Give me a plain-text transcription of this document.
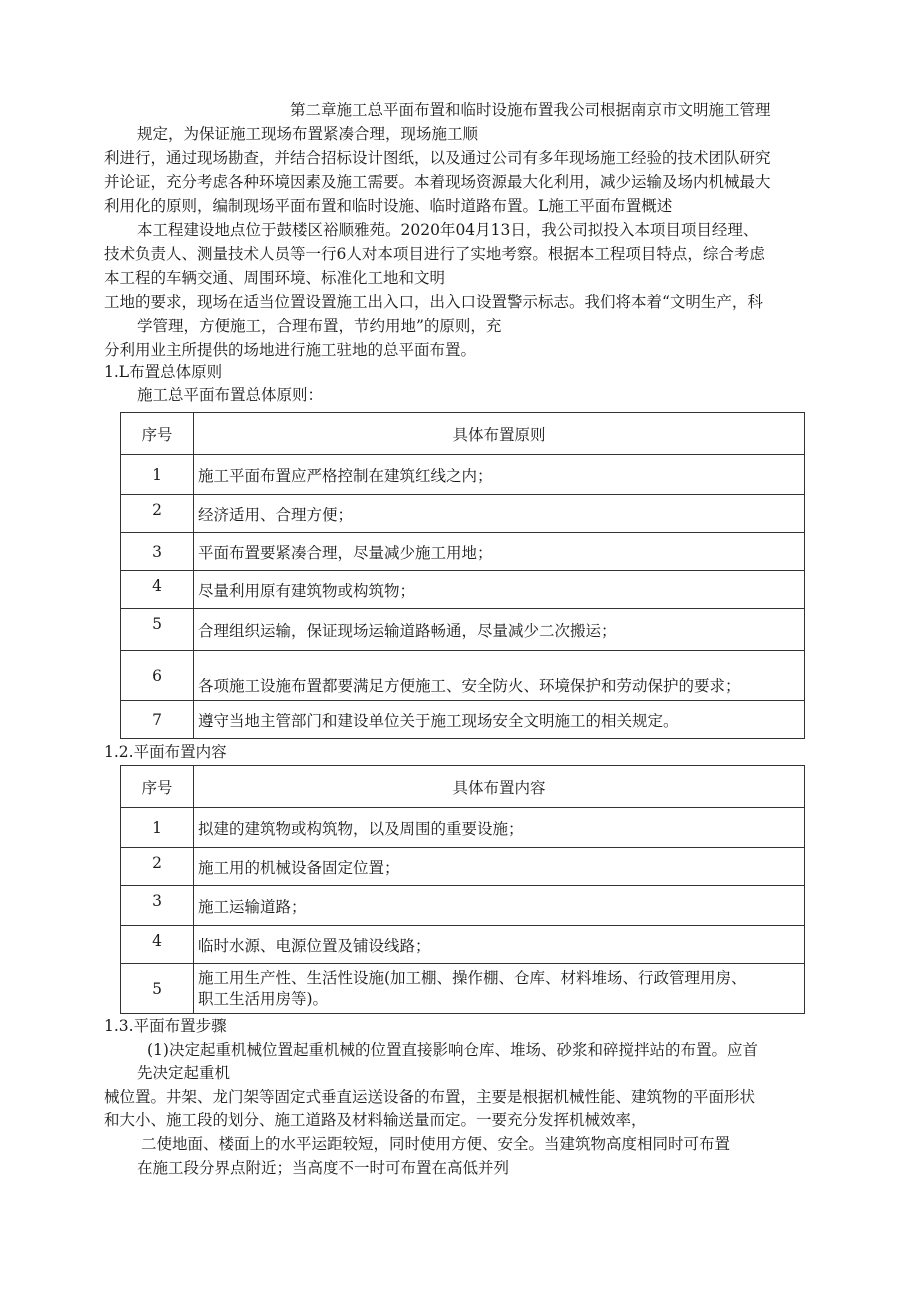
第二章施工总平面布置和临时设施布置我公司根据南京市文明施工管理
规定，为保证施工现场布置紧凑合理，现场施工顺
利进行，通过现场勘查，并结合招标设计图纸，以及通过公司有多年现场施工经验的技术团队研究
并论证，充分考虑各种环境因素及施工需要。本着现场资源最大化利用，减少运输及场内机械最大
利用化的原则，编制现场平面布置和临时设施、临时道路布置。L施工平面布置概述
本工程建设地点位于鼓楼区裕顺雅苑。2020年04月13日，我公司拟投入本项目项目经理、
技术负责人、测量技术人员等一行6人对本项目进行了实地考察。根据本工程项目特点，综合考虑
本工程的车辆交通、周围环境、标准化工地和文明
工地的要求，现场在适当位置设置施工出入口，出入口设置警示标志。我们将本着“文明生产，科
学管理，方便施工，合理布置，节约用地”的原则，充
分利用业主所提供的场地进行施工驻地的总平面布置。
1.L布置总体原则
施工总平面布置总体原则：
序号	具体布置原则
1	施工平面布置应严格控制在建筑红线之内；
2	经济适用、合理方便；
3	平面布置要紧凑合理，尽量减少施工用地；
4	尽量利用原有建筑物或构筑物；
5	合理组织运输，保证现场运输道路畅通，尽量减少二次搬运；
6	各项施工设施布置都要满足方便施工、安全防火、环境保护和劳动保护的要求；
7	遵守当地主管部门和建设单位关于施工现场安全文明施工的相关规定。
1.2.平面布置内容
序号	具体布置内容
1	拟建的建筑物或构筑物，以及周围的重要设施；
2	施工用的机械设备固定位置；
3	施工运输道路；
4	临时水源、电源位置及铺设线路；
5	施工用生产性、生活性设施(加工棚、操作棚、仓库、材料堆场、行政管理用房、
职工生活用房等)。
1.3.平面布置步骤
(1)决定起重机械位置起重机械的位置直接影响仓库、堆场、砂浆和碎搅拌站的布置。应首
先决定起重机
械位置。井架、龙门架等固定式垂直运送设备的布置，主要是根据机械性能、建筑物的平面形状
和大小、施工段的划分、施工道路及材料输送量而定。一要充分发挥机械效率，
二使地面、楼面上的水平运距较短，同时使用方便、安全。当建筑物高度相同时可布置
在施工段分界点附近；当高度不一时可布置在高低并列
